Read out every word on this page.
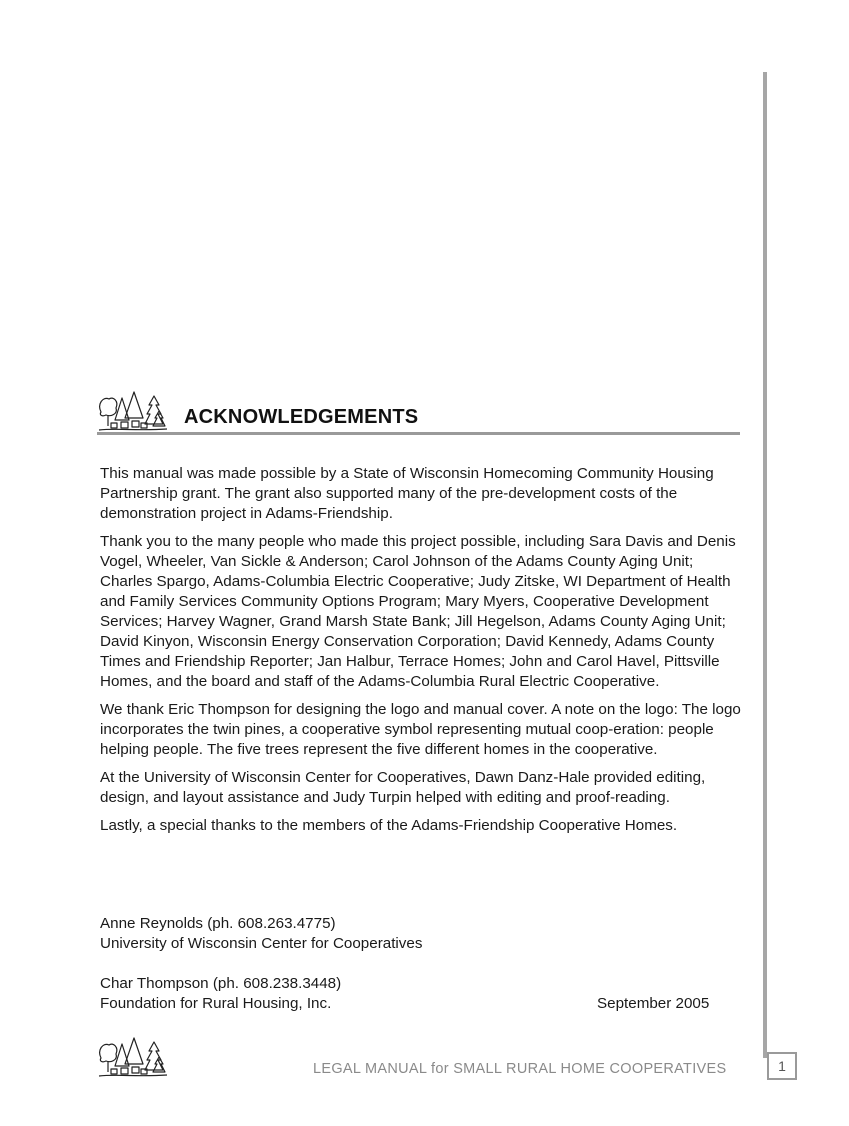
ACKNOWLEDGEMENTS

This manual was made possible by a State of Wisconsin Homecoming Community Housing Partnership grant. The grant also supported many of the pre-development costs of the demonstration project in Adams-Friendship.

Thank you to the many people who made this project possible, including Sara Davis and Denis Vogel, Wheeler, Van Sickle & Anderson; Carol Johnson of the Adams County Aging Unit; Charles Spargo, Adams-Columbia Electric Cooperative; Judy Zitske, WI Department of Health and Family Services Community Options Program; Mary Myers, Cooperative Development Services; Harvey Wagner, Grand Marsh State Bank; Jill Hegelson, Adams County Aging Unit; David Kinyon, Wisconsin Energy Conservation Corporation; David Kennedy, Adams County Times and Friendship Reporter; Jan Halbur, Terrace Homes; John and Carol Havel, Pittsville Homes, and the board and staff of the Adams-Columbia Rural Electric Cooperative.

We thank Eric Thompson for designing the logo and manual cover. A note on the logo: The logo incorporates the twin pines, a cooperative symbol representing mutual coop-eration: people helping people. The five trees represent the five different homes in the cooperative.

At the University of Wisconsin Center for Cooperatives, Dawn Danz-Hale provided editing, design, and layout assistance and Judy Turpin helped with editing and proof-reading.

Lastly, a special thanks to the members of the Adams-Friendship Cooperative Homes.

Anne Reynolds (ph. 608.263.4775)
University of Wisconsin Center for Cooperatives
Char Thompson (ph. 608.238.3448)
Foundation for Rural Housing, Inc.	September 2005
LEGAL MANUAL for SMALL RURAL HOME COOPERATIVES	1
